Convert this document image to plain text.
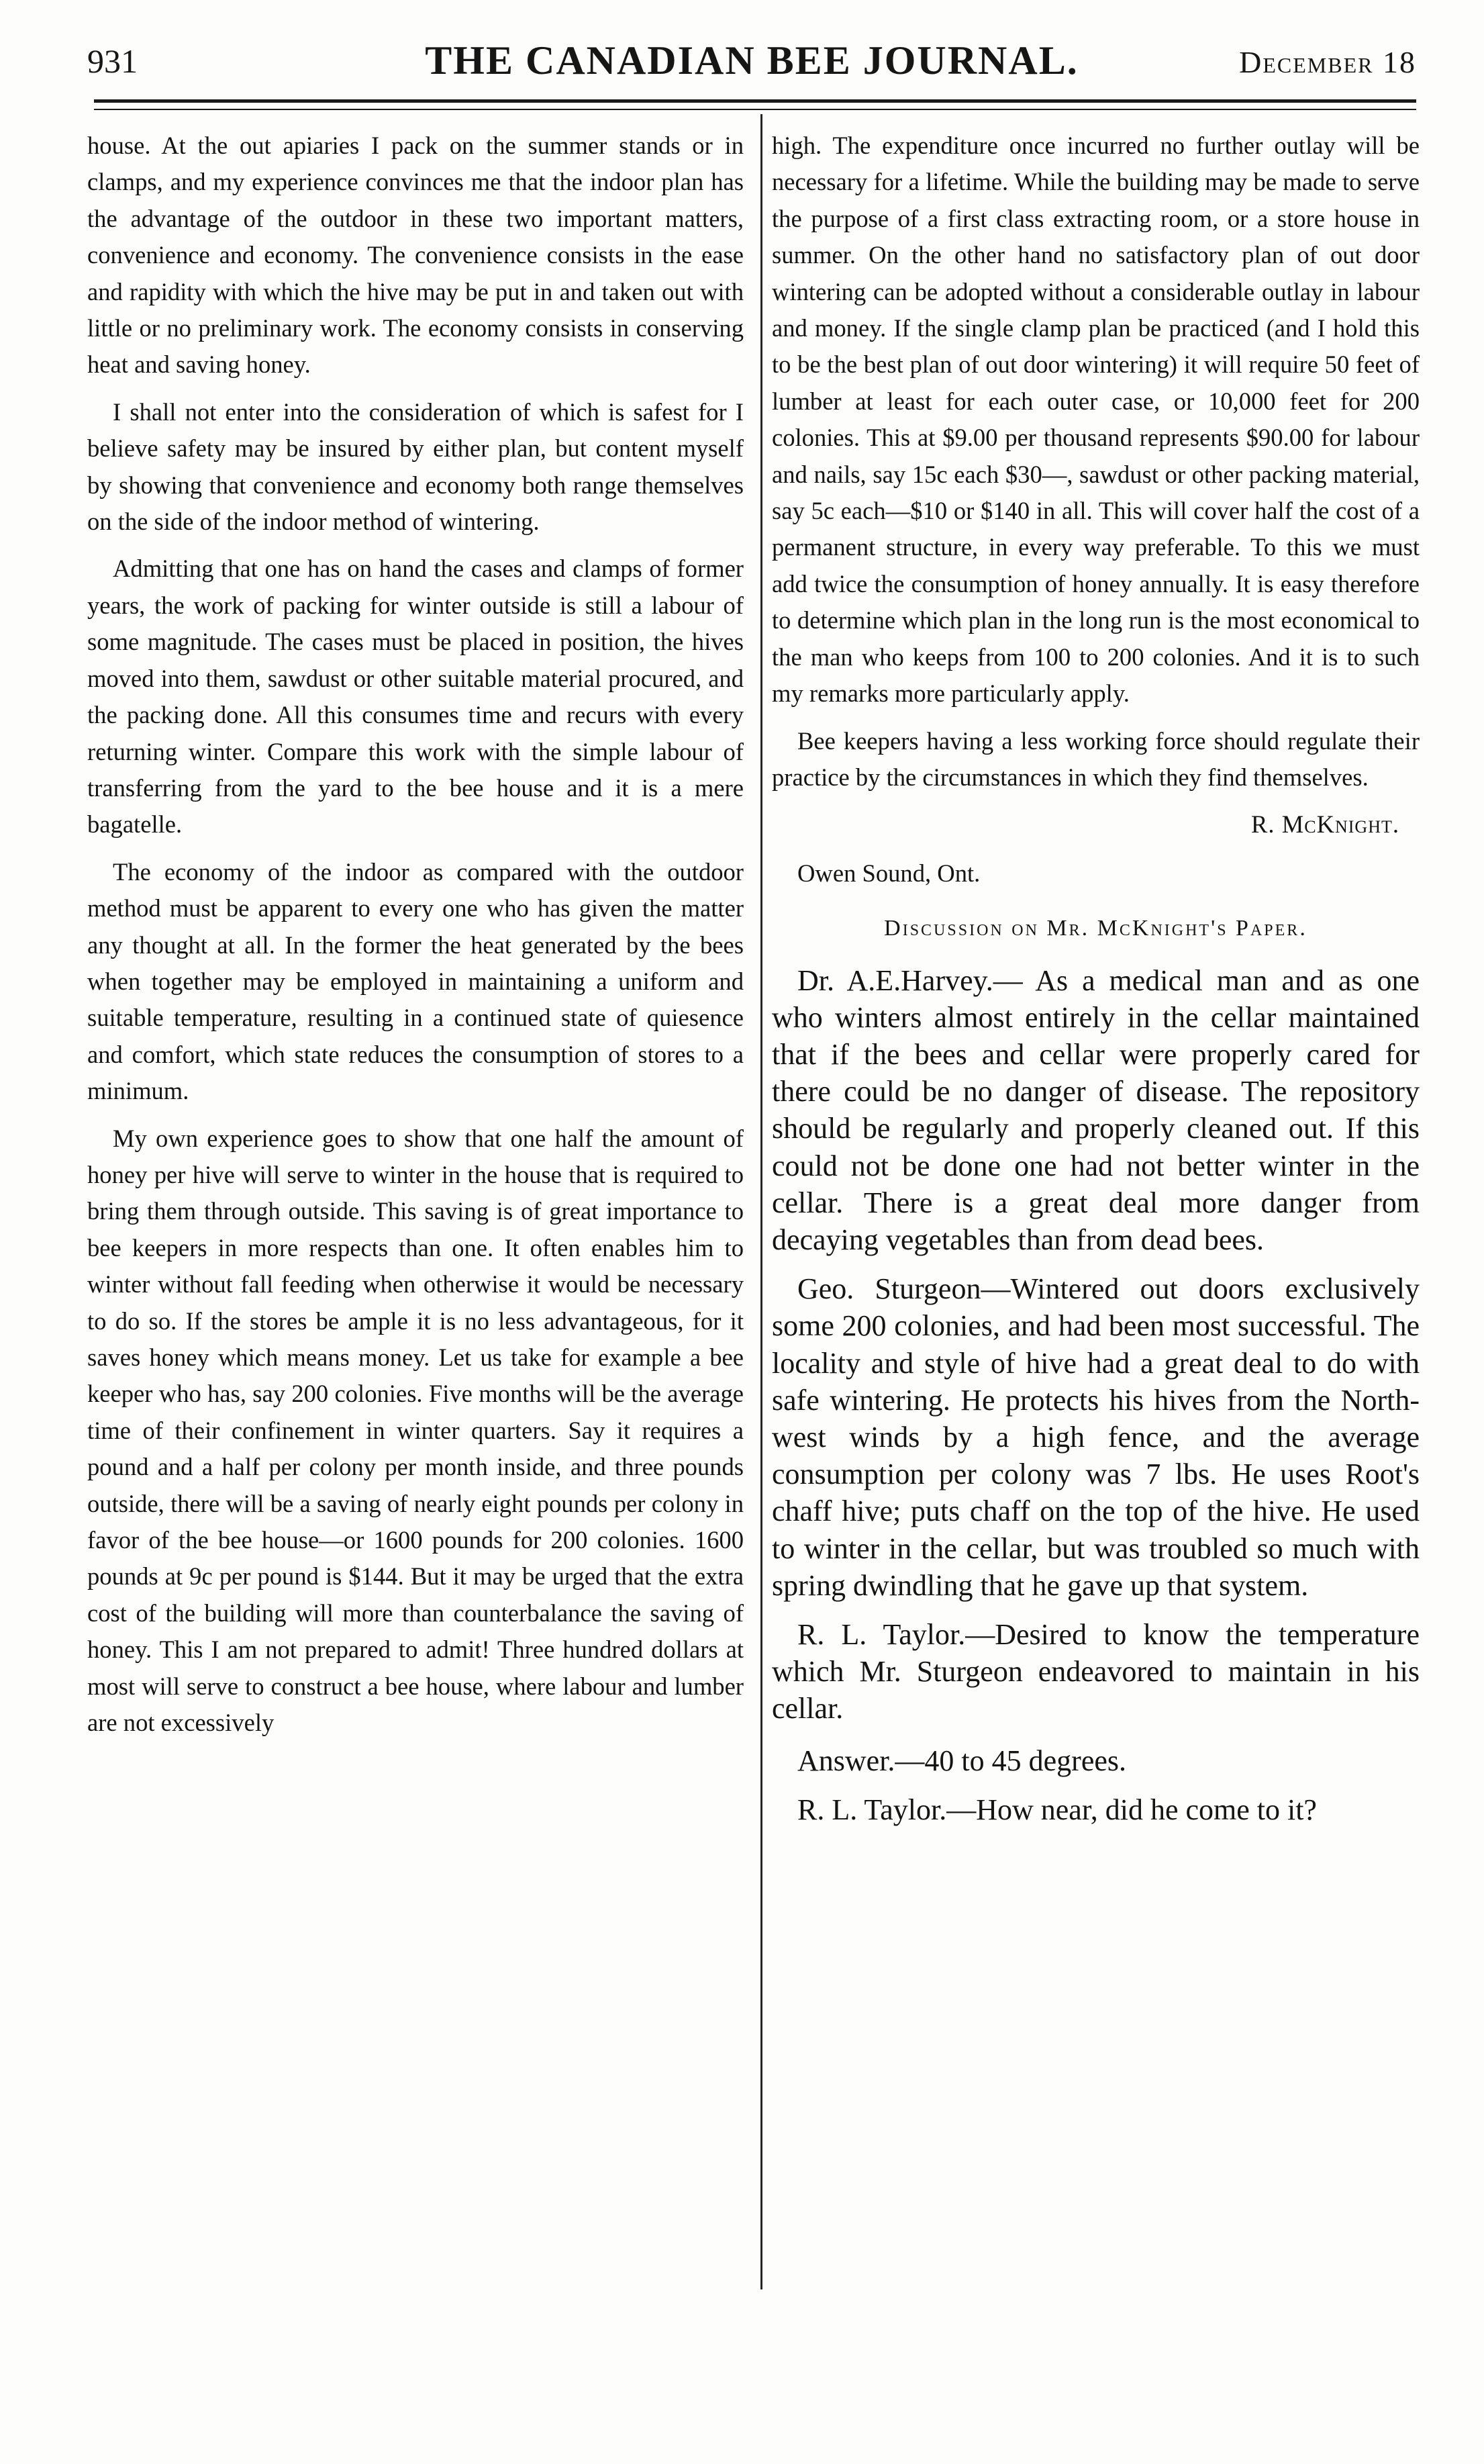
931	THE CANADIAN BEE JOURNAL.	December 18

house. At the out apiaries I pack on the summer stands or in clamps, and my experience convinces me that the indoor plan has the advantage of the outdoor in these two important matters, convenience and economy. The convenience consists in the ease and rapidity with which the hive may be put in and taken out with little or no preliminary work. The economy consists in conserving heat and saving honey.

I shall not enter into the consideration of which is safest for I believe safety may be insured by either plan, but content myself by showing that convenience and economy both range themselves on the side of the indoor method of wintering.

Admitting that one has on hand the cases and clamps of former years, the work of packing for winter outside is still a labour of some magnitude. The cases must be placed in position, the hives moved into them, sawdust or other suitable material procured, and the packing done. All this consumes time and recurs with every returning winter. Compare this work with the simple labour of transferring from the yard to the bee house and it is a mere bagatelle.

The economy of the indoor as compared with the outdoor method must be apparent to every one who has given the matter any thought at all. In the former the heat generated by the bees when together may be employed in maintaining a uniform and suitable temperature, resulting in a continued state of quiesence and comfort, which state reduces the consumption of stores to a minimum.

My own experience goes to show that one half the amount of honey per hive will serve to winter in the house that is required to bring them through outside. This saving is of great importance to bee keepers in more respects than one. It often enables him to winter without fall feeding when otherwise it would be necessary to do so. If the stores be ample it is no less advantageous, for it saves honey which means money. Let us take for example a bee keeper who has, say 200 colonies. Five months will be the average time of their confinement in winter quarters. Say it requires a pound and a half per colony per month inside, and three pounds outside, there will be a saving of nearly eight pounds per colony in favor of the bee house—or 1600 pounds for 200 colonies. 1600 pounds at 9c per pound is $144. But it may be urged that the extra cost of the building will more than counterbalance the saving of honey. This I am not prepared to admit! Three hundred dollars at most will serve to construct a bee house, where labour and lumber are not excessively

high. The expenditure once incurred no further outlay will be necessary for a lifetime. While the building may be made to serve the purpose of a first class extracting room, or a store house in summer. On the other hand no satisfactory plan of out door wintering can be adopted without a considerable outlay in labour and money. If the single clamp plan be practiced (and I hold this to be the best plan of out door wintering) it will require 50 feet of lumber at least for each outer case, or 10,000 feet for 200 colonies. This at $9.00 per thousand represents $90.00 for labour and nails, say 15c each $30—, sawdust or other packing material, say 5c each—$10 or $140 in all. This will cover half the cost of a permanent structure, in every way preferable. To this we must add twice the consumption of honey annually. It is easy therefore to determine which plan in the long run is the most economical to the man who keeps from 100 to 200 colonies. And it is to such my remarks more particularly apply.

Bee keepers having a less working force should regulate their practice by the circumstances in which they find themselves.

R. McKnight.
Owen Sound, Ont.
Discussion on Mr. McKnight's Paper.

Dr. A.E.Harvey.— As a medical man and as one who winters almost entirely in the cellar maintained that if the bees and cellar were properly cared for there could be no danger of disease. The repository should be regularly and properly cleaned out. If this could not be done one had not better winter in the cellar. There is a great deal more danger from decaying vegetables than from dead bees.

Geo. Sturgeon—Wintered out doors exclusively some 200 colonies, and had been most successful. The locality and style of hive had a great deal to do with safe wintering. He protects his hives from the North-west winds by a high fence, and the average consumption per colony was 7 lbs. He uses Root's chaff hive; puts chaff on the top of the hive. He used to winter in the cellar, but was troubled so much with spring dwindling that he gave up that system.

R. L. Taylor.—Desired to know the temperature which Mr. Sturgeon endeavored to maintain in his cellar.

Answer.—40 to 45 degrees.

R. L. Taylor.—How near, did he come to it?
